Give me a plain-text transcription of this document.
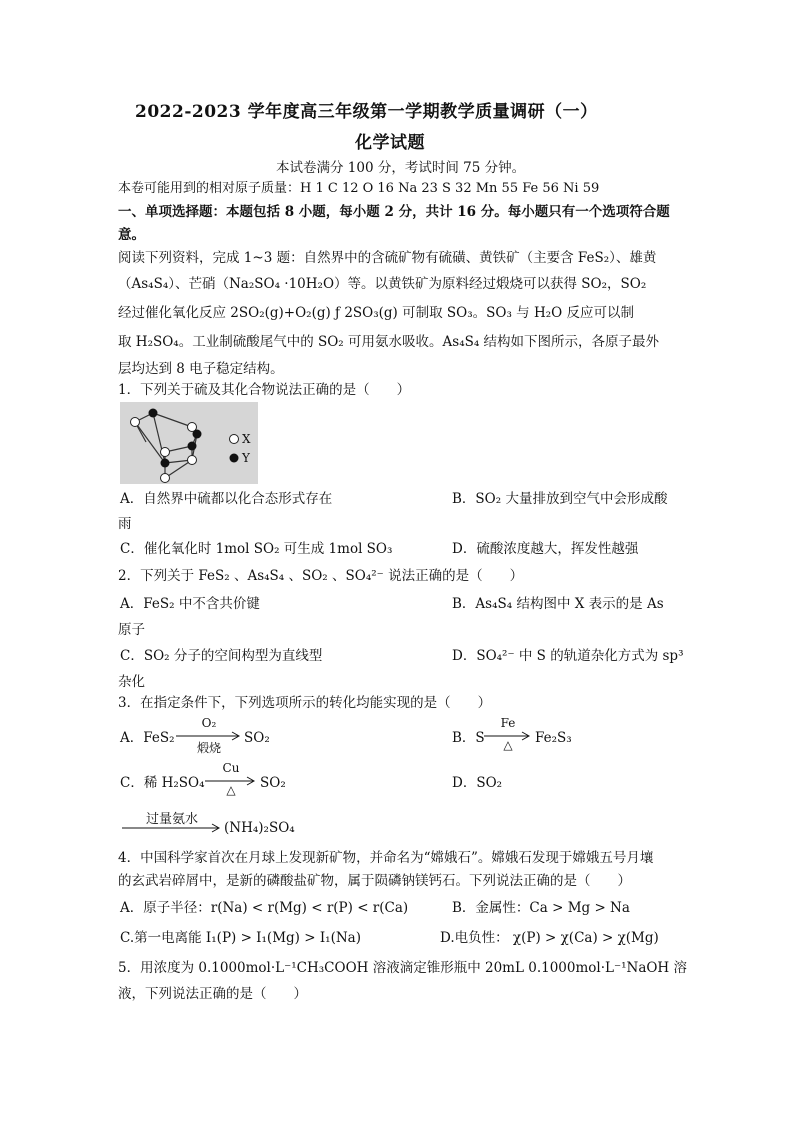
2022-2023 学年度高三年级第一学期教学质量调研（一）
化学试题
本试卷满分 100 分，考试时间 75 分钟。
本卷可能用到的相对原子质量：H 1 C 12 O 16 Na 23 S 32 Mn 55 Fe 56 Ni 59
一、单项选择题：本题包括 8 小题，每小题 2 分，共计 16 分。每小题只有一个选项符合题
意。
阅读下列资料，完成 1~3 题：自然界中的含硫矿物有硫磺、黄铁矿（主要含 FeS₂）、雄黄
（As₄S₄）、芒硝（Na₂SO₄ ·10H₂O）等。以黄铁矿为原料经过煅烧可以获得 SO₂，SO₂
经过催化氧化反应 2SO₂(g)+O₂(g) ƒ 2SO₃(g) 可制取 SO₃。SO₃ 与 H₂O 反应可以制
取 H₂SO₄。工业制硫酸尾气中的 SO₂ 可用氨水吸收。As₄S₄ 结构如下图所示，各原子最外
层均达到 8 电子稳定结构。
1．下列关于硫及其化合物说法正确的是（　　）
X
Y
A．自然界中硫都以化合态形式存在	B．SO₂ 大量排放到空气中会形成酸
雨
C．催化氧化时 1mol SO₂ 可生成 1mol SO₃	D．硫酸浓度越大，挥发性越强
2．下列关于 FeS₂ 、As₄S₄ 、SO₂ 、SO₄²⁻ 说法正确的是（　　）
A．FeS₂ 中不含共价键	B．As₄S₄ 结构图中 X 表示的是 As
原子
C．SO₂ 分子的空间构型为直线型	D．SO₄²⁻ 中 S 的轨道杂化方式为 sp³
杂化
3．在指定条件下，下列选项所示的转化均能实现的是（　　）
A．FeS₂
O₂
煅烧
SO₂	B．S
Fe
△	Fe₂S₃
C．稀 H₂SO₄
Cu
△	SO₂	D．SO₂
过量氨水
(NH₄)₂SO₄
4．中国科学家首次在月球上发现新矿物，并命名为“嫦娥石”。嫦娥石发现于嫦娥五号月壤
的玄武岩碎屑中，是新的磷酸盐矿物，属于陨磷钠镁钙石。下列说法正确的是（　　）
A．原子半径：r(Na) < r(Mg) < r(P) < r(Ca)	B．金属性：Ca > Mg > Na
C.第一电离能 I₁(P) > I₁(Mg) > I₁(Na)	D.电负性： χ(P) > χ(Ca) > χ(Mg)
5．用浓度为 0.1000mol·L⁻¹CH₃COOH 溶液滴定锥形瓶中 20mL 0.1000mol·L⁻¹NaOH 溶
液，下列说法正确的是（　　）
